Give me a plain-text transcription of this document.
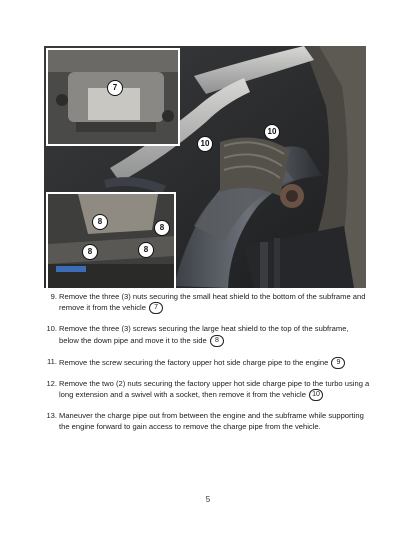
10
10
7
8
8
8	8
9. Remove the three (3) nuts securing the small heat shield to the bottom of the subframe and remove it from the vehicle 7
10. Remove the three (3) screws securing the large heat shield to the top of the subframe, below the down pipe and move it to the side 8
11. Remove the screw securing the factory upper hot side charge pipe to the engine 9
12. Remove the two (2) nuts securing the factory upper hot side charge pipe to the turbo using a long extension and a swivel with a socket, then remove it from the vehicle 10
13. Maneuver the charge pipe out from between the engine and the subframe while supporting the engine forward to gain access to remove the charge pipe from the vehicle.
5
